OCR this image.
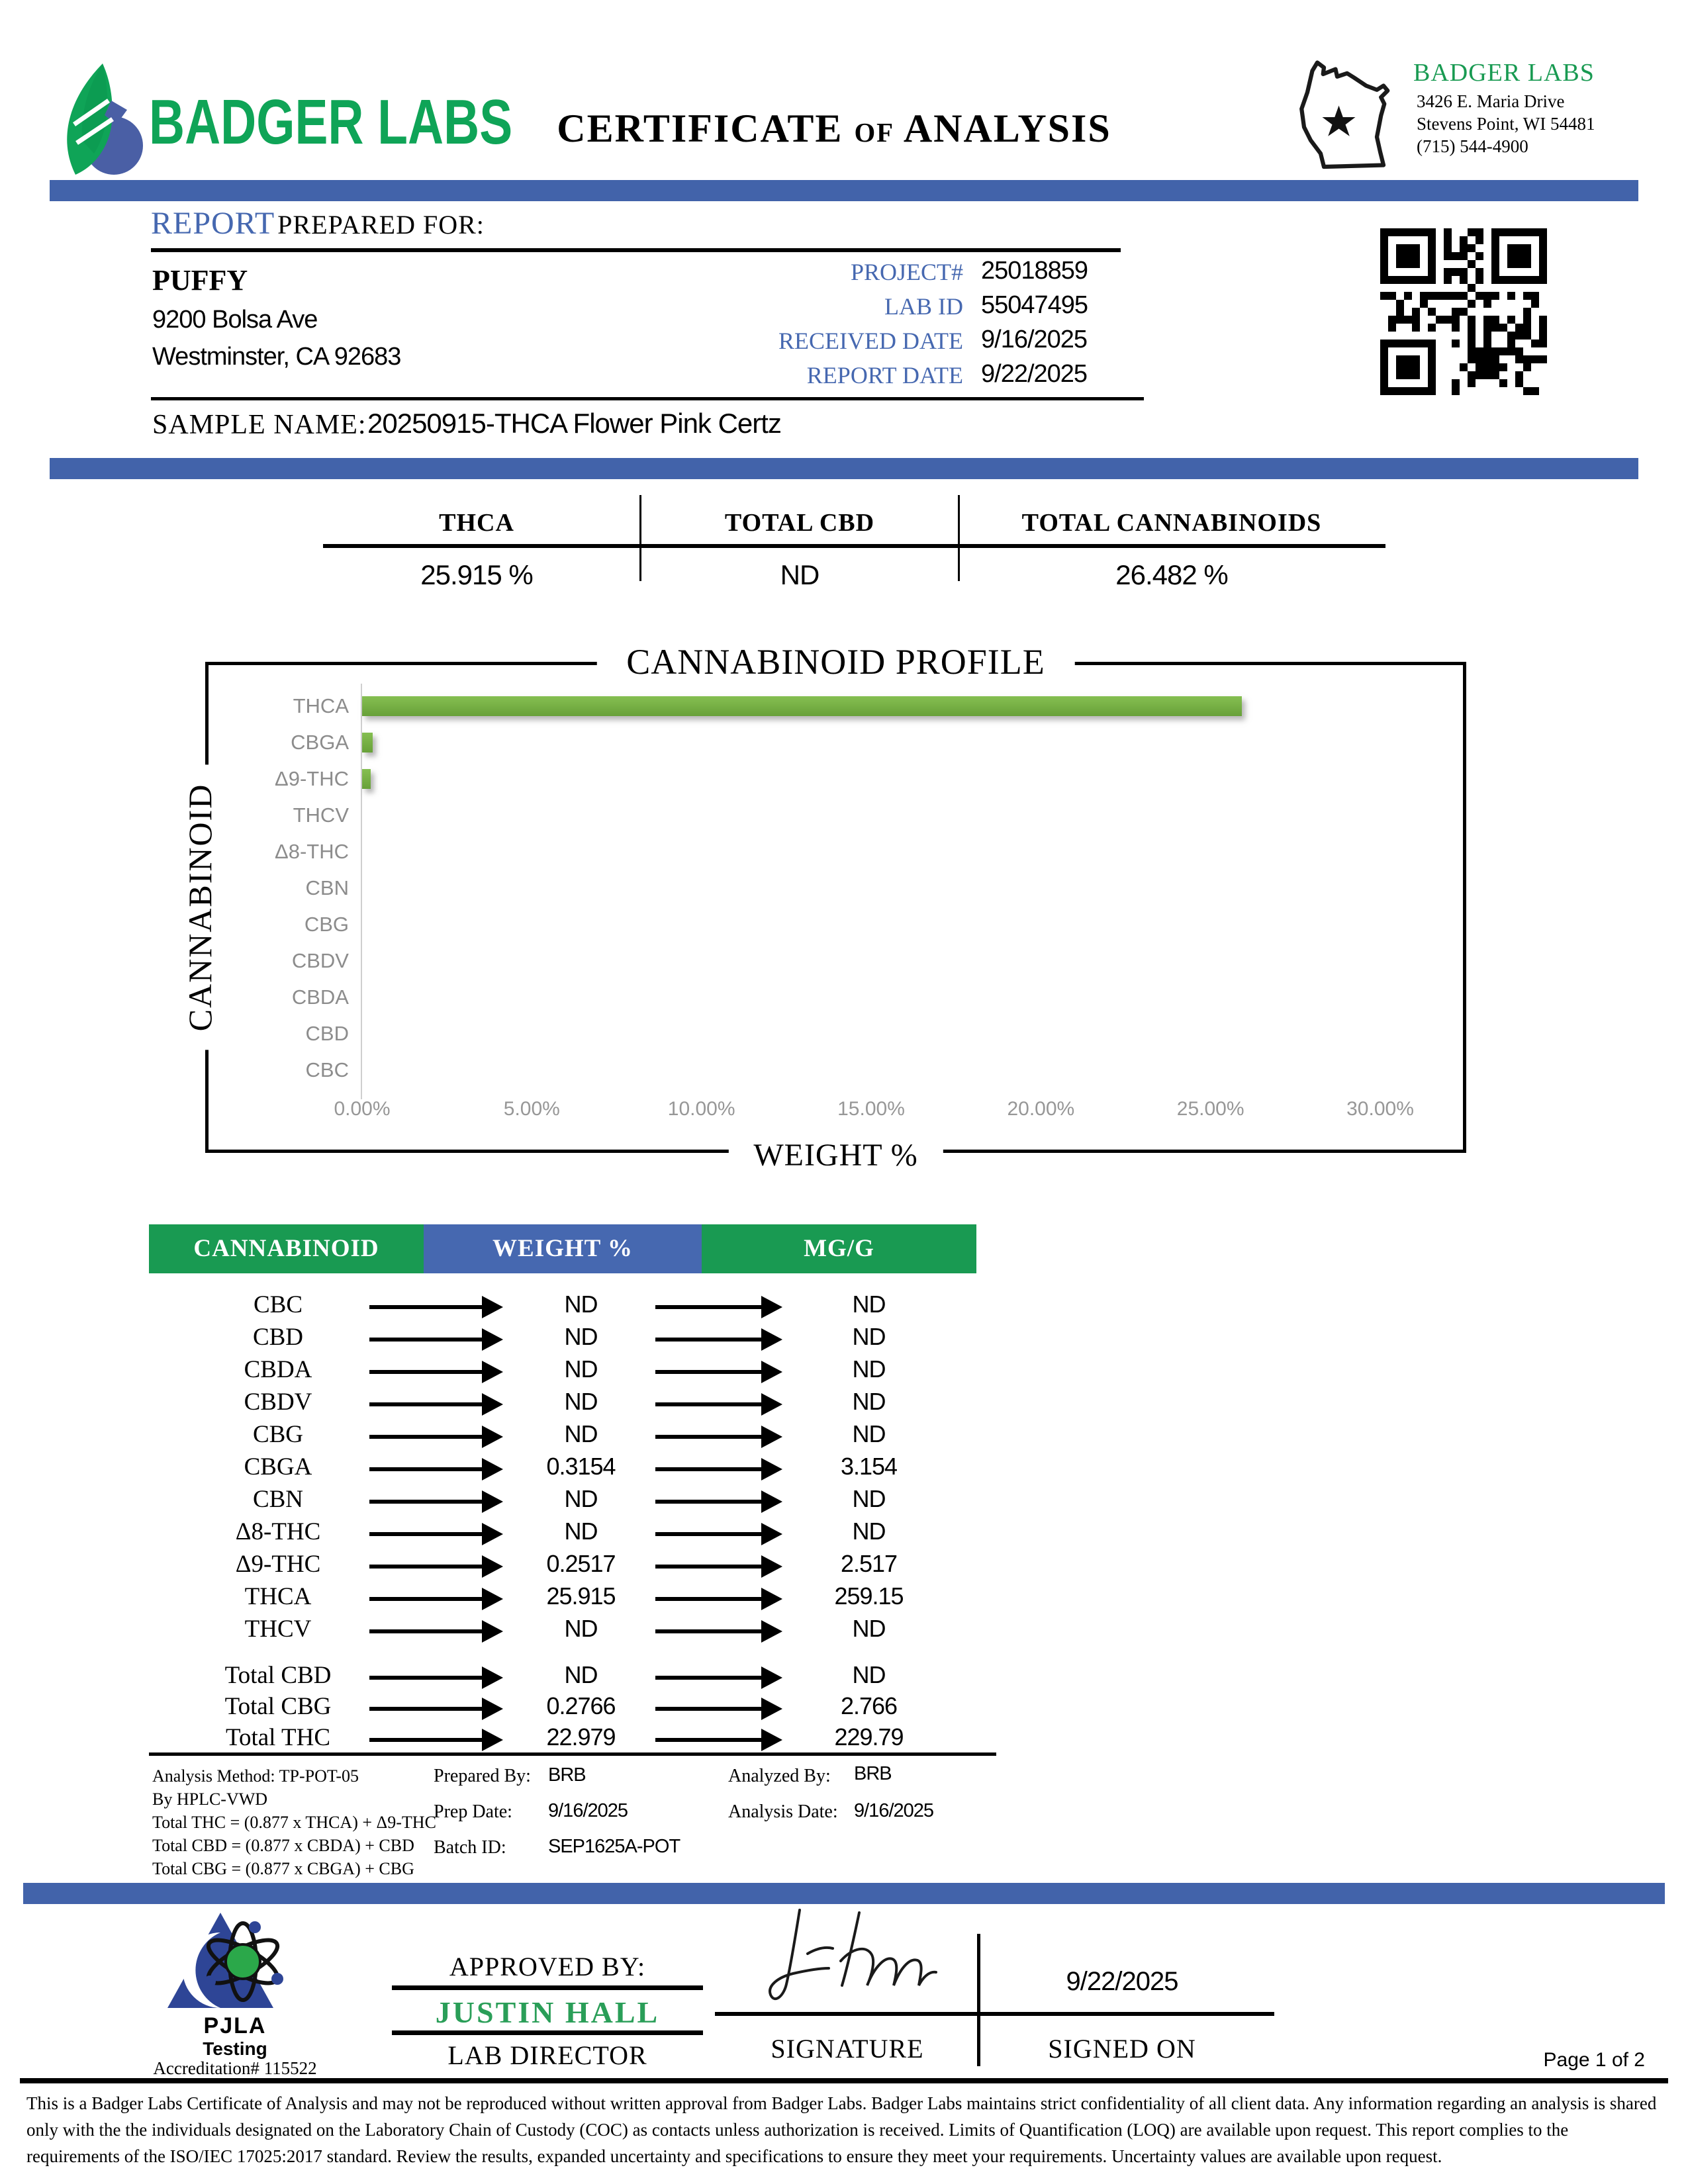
BADGER LABS	CERTIFICATE OF ANALYSIS
BADGER LABS
3426 E. Maria Drive
Stevens Point, WI 54481
(715) 544-4900
REPORT PREPARED FOR:
PUFFY
9200 Bolsa Ave
Westminster, CA 92683
PROJECT# 25018859
LAB ID 55047495
RECEIVED DATE 9/16/2025
REPORT DATE 9/22/2025
SAMPLE NAME: 20250915-THCA Flower Pink Certz
THCA	TOTAL CBD	TOTAL CANNABINOIDS
25.915 %	ND	26.482 %
CANNABINOID PROFILE
CANNABINOID
WEIGHT %
THCA
CBGA
Δ9-THC
THCV
Δ8-THC
CBN
CBG
CBDV
CBDA
CBD
CBC
0.00%	5.00%	10.00%	15.00%	20.00%	25.00%	30.00%
CANNABINOID	WEIGHT %	MG/G
CBC	ND	ND
CBD	ND	ND
CBDA	ND	ND
CBDV	ND	ND
CBG	ND	ND
CBGA	0.3154	3.154
CBN	ND	ND
Δ8-THC	ND	ND
Δ9-THC	0.2517	2.517
THCA	25.915	259.15
THCV	ND	ND
Total CBD	ND	ND
Total CBG	0.2766	2.766
Total THC	22.979	229.79
Analysis Method: TP-POT-05
By HPLC-VWD
Total THC = (0.877 x THCA) + Δ9-THC
Total CBD = (0.877 x CBDA) + CBD
Total CBG = (0.877 x CBGA) + CBG
Prepared By: BRB
Prep Date: 9/16/2025
Batch ID: SEP1625A-POT
Analyzed By: BRB
Analysis Date: 9/16/2025
PJLA
Testing
Accreditation# 115522
APPROVED BY:
JUSTIN HALL
LAB DIRECTOR
9/22/2025
SIGNATURE	SIGNED ON	Page 1 of 2
This is a Badger Labs Certificate of Analysis and may not be reproduced without written approval from Badger Labs. Badger Labs maintains strict confidentiality of all client data. Any information regarding an analysis is shared only with the the individuals designated on the Laboratory Chain of Custody (COC) as contacts unless authorization is received. Limits of Quantification (LOQ) are available upon request. This report complies to the requirements of the ISO/IEC 17025:2017 standard. Review the results, expanded uncertainty and specifications to ensure they meet your requirements. Uncertainty values are available upon request.
